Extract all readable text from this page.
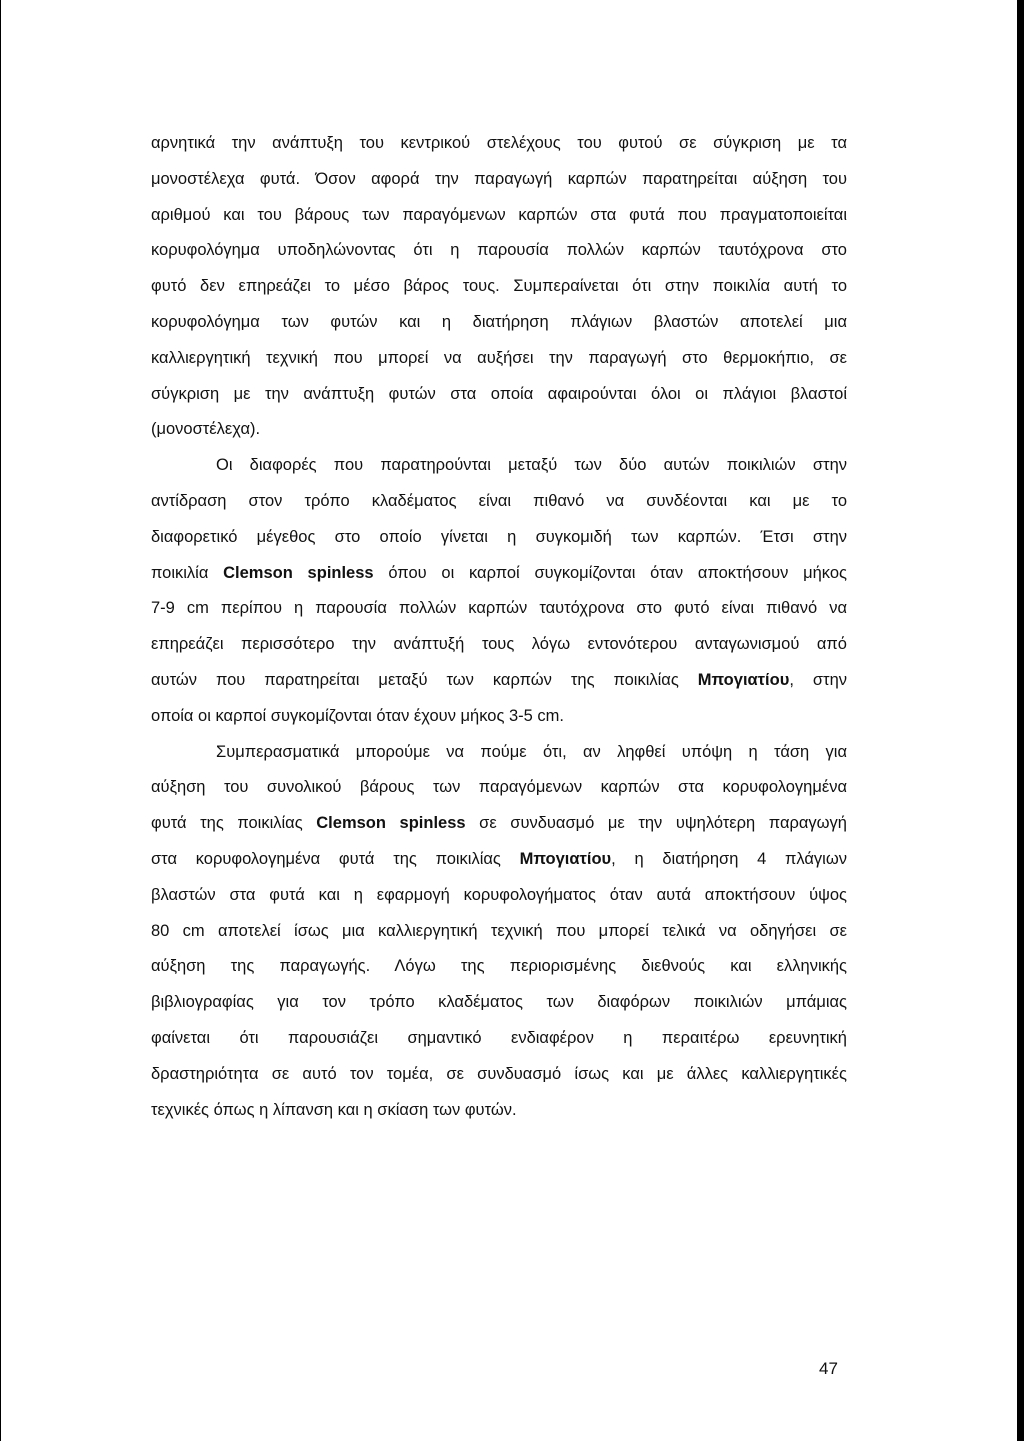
αρνητικά την ανάπτυξη του κεντρικού στελέχους του φυτού σε σύγκριση με τα
μονοστέλεχα φυτά. Όσον αφορά την παραγωγή καρπών παρατηρείται αύξηση του
αριθμού και του βάρους των παραγόμενων καρπών στα φυτά που πραγματοποιείται
κορυφολόγημα υποδηλώνοντας ότι η παρουσία πολλών καρπών ταυτόχρονα στο
φυτό δεν επηρεάζει το μέσο βάρος τους. Συμπεραίνεται ότι στην ποικιλία αυτή το
κορυφολόγημα των φυτών και η διατήρηση πλάγιων βλαστών αποτελεί μια
καλλιεργητική τεχνική που μπορεί να αυξήσει την παραγωγή στο θερμοκήπιο, σε
σύγκριση με την ανάπτυξη φυτών στα οποία αφαιρούνται όλοι οι πλάγιοι βλαστοί
(μονοστέλεχα).
Οι διαφορές που παρατηρούνται μεταξύ των δύο αυτών ποικιλιών στην
αντίδραση στον τρόπο κλαδέματος είναι πιθανό να συνδέονται και με το
διαφορετικό μέγεθος στο οποίο γίνεται η συγκομιδή των καρπών. Έτσι στην
ποικιλία Clemson spinless όπου οι καρποί συγκομίζονται όταν αποκτήσουν μήκος
7-9 cm περίπου η παρουσία πολλών καρπών ταυτόχρονα στο φυτό είναι πιθανό να
επηρεάζει περισσότερο την ανάπτυξή τους λόγω εντονότερου ανταγωνισμού από
αυτών που παρατηρείται μεταξύ των καρπών της ποικιλίας Μπογιατίου, στην
οποία οι καρποί συγκομίζονται όταν έχουν μήκος 3-5 cm.
Συμπερασματικά μπορούμε να πούμε ότι, αν ληφθεί υπόψη η τάση για
αύξηση του συνολικού βάρους των παραγόμενων καρπών στα κορυφολογημένα
φυτά της ποικιλίας Clemson spinless σε συνδυασμό με την υψηλότερη παραγωγή
στα κορυφολογημένα φυτά της ποικιλίας Μπογιατίου, η διατήρηση 4 πλάγιων
βλαστών στα φυτά και η εφαρμογή κορυφολογήματος όταν αυτά αποκτήσουν ύψος
80 cm αποτελεί ίσως μια καλλιεργητική τεχνική που μπορεί τελικά να οδηγήσει σε
αύξηση της παραγωγής. Λόγω της περιορισμένης διεθνούς και ελληνικής
βιβλιογραφίας για τον τρόπο κλαδέματος των διαφόρων ποικιλιών μπάμιας
φαίνεται ότι παρουσιάζει σημαντικό ενδιαφέρον η περαιτέρω ερευνητική
δραστηριότητα σε αυτό τον τομέα, σε συνδυασμό ίσως και με άλλες καλλιεργητικές
τεχνικές όπως η λίπανση και η σκίαση των φυτών.
47
